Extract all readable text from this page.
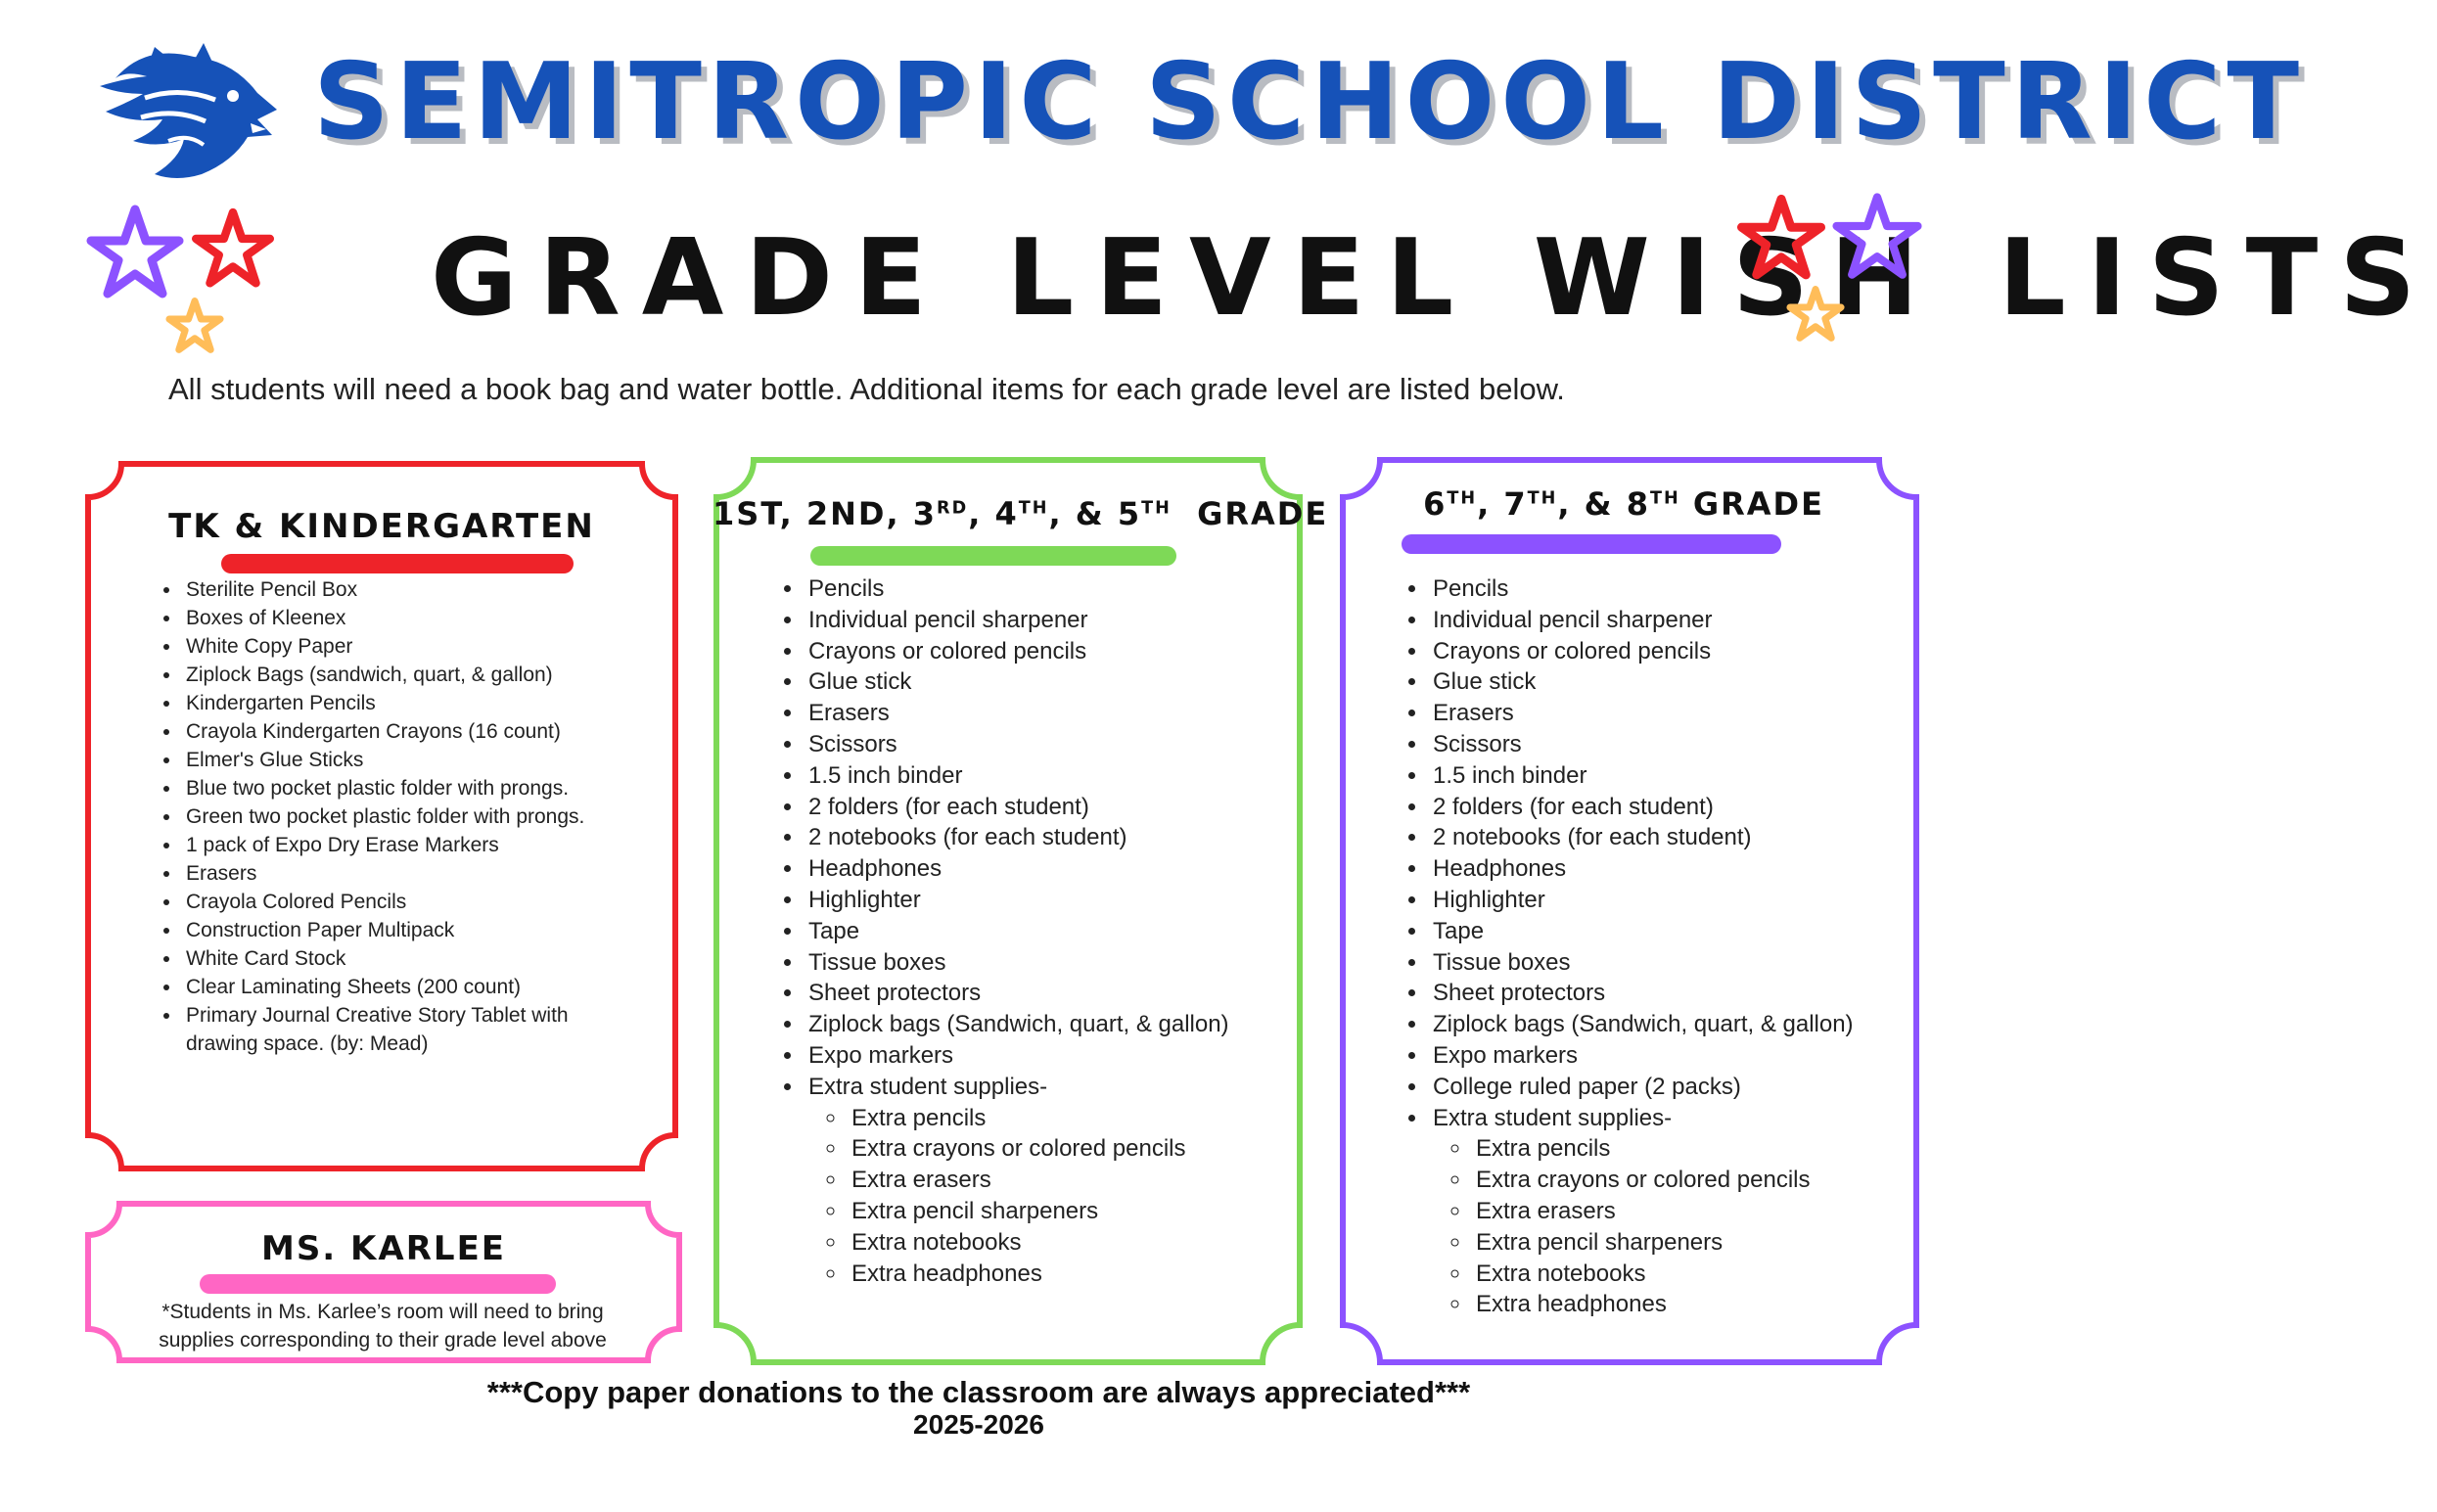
SEMITROPIC SCHOOL DISTRICT
GRADE LEVEL WISH LISTS
All students will need a book bag and water bottle. Additional items for each grade level are listed below.
TK & KINDERGARTEN
• Sterilite Pencil Box
• Boxes of Kleenex
• White Copy Paper
• Ziplock Bags (sandwich, quart, & gallon)
• Kindergarten Pencils
• Crayola Kindergarten Crayons (16 count)
• Elmer's Glue Sticks
• Blue two pocket plastic folder with prongs.
• Green two pocket plastic folder with prongs.
• 1 pack of Expo Dry Erase Markers
• Erasers
• Crayola Colored Pencils
• Construction Paper Multipack
• White Card Stock
• Clear Laminating Sheets (200 count)
• Primary Journal Creative Story Tablet with drawing space. (by: Mead)
MS. KARLEE
*Students in Ms. Karlee’s room will need to bring
supplies corresponding to their grade level above
1ST, 2ND, 3RD, 4TH, & 5TH GRADE
• Pencils
• Individual pencil sharpener
• Crayons or colored pencils
• Glue stick
• Erasers
• Scissors
• 1.5 inch binder
• 2 folders (for each student)
• 2 notebooks (for each student)
• Headphones
• Highlighter
• Tape
• Tissue boxes
• Sheet protectors
• Ziplock bags (Sandwich, quart, & gallon)
• Expo markers
• Extra student supplies-
◦ Extra pencils
◦ Extra crayons or colored pencils
◦ Extra erasers
◦ Extra pencil sharpeners
◦ Extra notebooks
◦ Extra headphones
6TH, 7TH, & 8TH GRADE
• Pencils
• Individual pencil sharpener
• Crayons or colored pencils
• Glue stick
• Erasers
• Scissors
• 1.5 inch binder
• 2 folders (for each student)
• 2 notebooks (for each student)
• Headphones
• Highlighter
• Tape
• Tissue boxes
• Sheet protectors
• Ziplock bags (Sandwich, quart, & gallon)
• Expo markers
• College ruled paper (2 packs)
• Extra student supplies-
◦ Extra pencils
◦ Extra crayons or colored pencils
◦ Extra erasers
◦ Extra pencil sharpeners
◦ Extra notebooks
◦ Extra headphones
***Copy paper donations to the classroom are always appreciated***
2025-2026
